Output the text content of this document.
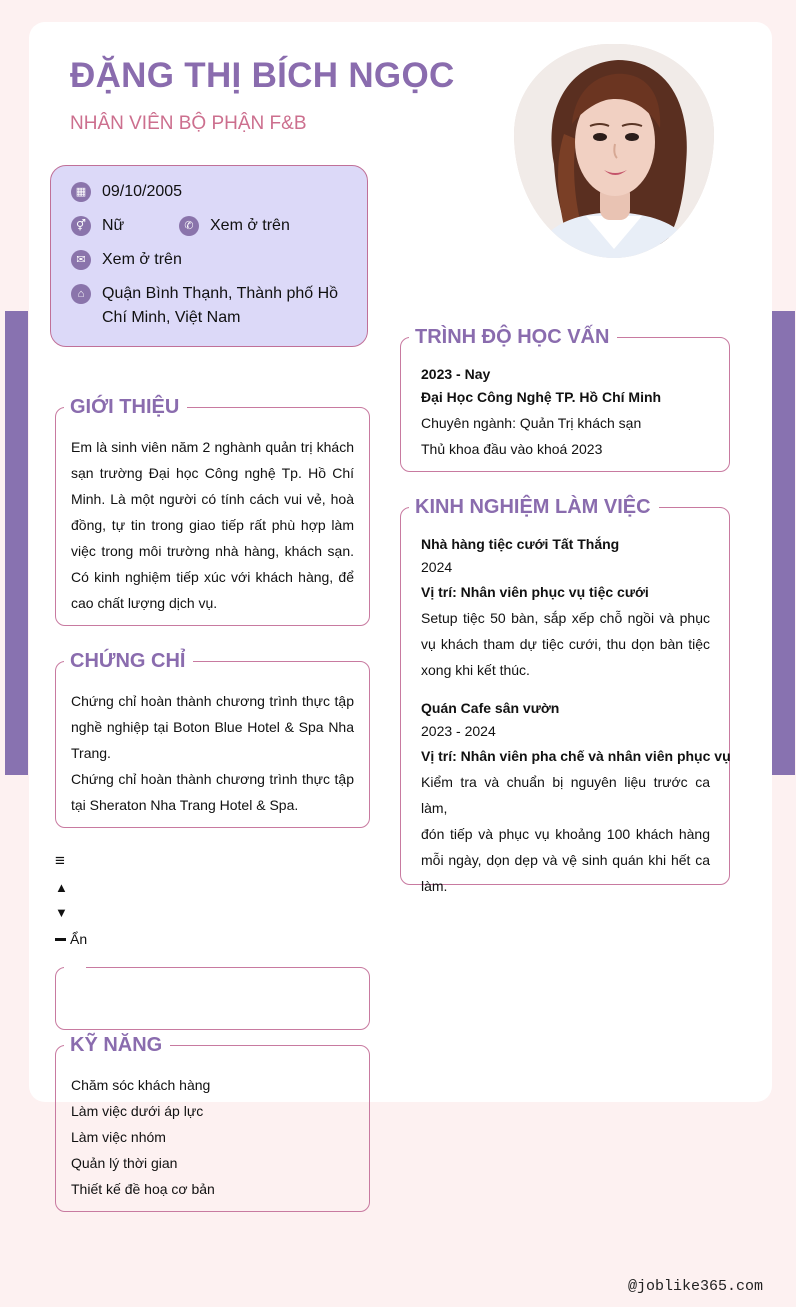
ĐẶNG THỊ BÍCH NGỌC
NHÂN VIÊN BỘ PHẬN F&B
▦ 09/10/2005
⚥	Nữ	✆	Xem ở trên
✉	Xem ở trên
⌂	Quận Bình Thạnh, Thành phố Hồ
Chí Minh, Việt Nam
Em là sinh viên năm 2 nghành quản trị khách
sạn trường Đại học Công nghệ Tp. Hồ Chí
Minh. Là một người có tính cách vui vẻ, hoà
đồng, tự tin trong giao tiếp rất phù hợp làm
việc trong môi trường nhà hàng, khách sạn.
Có kinh nghiệm tiếp xúc với khách hàng, để
cao chất lượng dịch vụ.
GIỚI THIỆU
Chứng chỉ hoàn thành chương trình thực tập
nghề nghiệp tại Boton Blue Hotel & Spa Nha
Trang.
Chứng chỉ hoàn thành chương trình thực tập
tại Sheraton Nha Trang Hotel & Spa.
CHỨNG CHỈ
≡
▲
▼
Ẩn
Chăm sóc khách hàng
Làm việc dưới áp lực
Làm việc nhóm
Quản lý thời gian
Thiết kế đề hoạ cơ bản
KỸ NĂNG
2023 - Nay
Đại Học Công Nghệ TP. Hồ Chí Minh
Chuyên ngành: Quản Trị khách sạn
Thủ khoa đầu vào khoá 2023
TRÌNH ĐỘ HỌC VẤN
Nhà hàng tiệc cưới Tất Thắng
2024
Vị trí: Nhân viên phục vụ tiệc cưới
Setup tiệc 50 bàn, sắp xếp chỗ ngồi và phục
vụ khách tham dự tiệc cưới, thu dọn bàn tiệc
xong khi kết thúc.
Quán Cafe sân vườn
2023 - 2024
Vị trí: Nhân viên pha chế và nhân viên phục vụ
Kiểm tra và chuẩn bị nguyên liệu trước ca làm,
đón tiếp và phục vụ khoảng 100 khách hàng
mỗi ngày, dọn dẹp và vệ sinh quán khi hết ca
làm.
KINH NGHIỆM LÀM VIỆC
@joblike365.com
